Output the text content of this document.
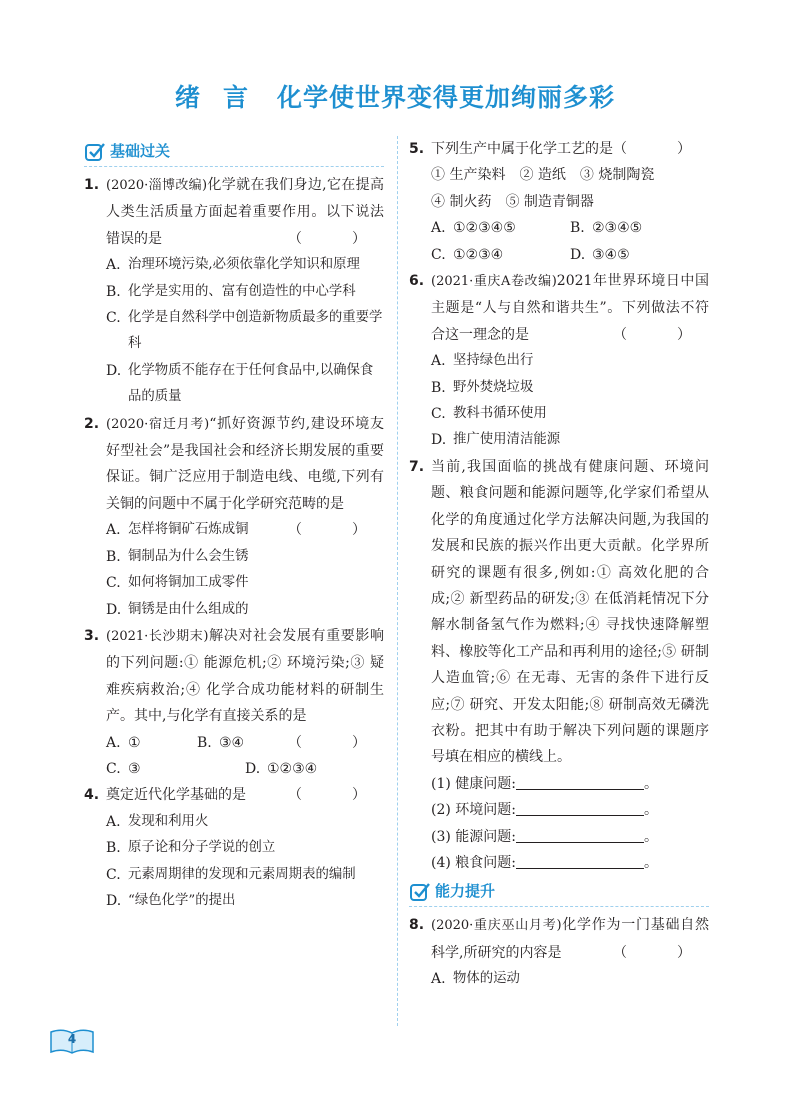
绪 言 化学使世界变得更加绚丽多彩
基础过关
1. (2020·淄博改编)化学就在我们身边,它在提高人类生活质量方面起着重要作用。以下说法错误的是	（　）
A. 治理环境污染,必须依靠化学知识和原理
B. 化学是实用的、富有创造性的中心学科
C. 化学是自然科学中创造新物质最多的重要学科
D. 化学物质不能存在于任何食品中,以确保食品的质量
2. (2020·宿迁月考)“抓好资源节约,建设环境友好型社会”是我国社会和经济长期发展的重要保证。铜广泛应用于制造电线、电缆,下列有关铜的问题中不属于化学研究范畴的是
（　）
A. 怎样将铜矿石炼成铜
B. 铜制品为什么会生锈
C. 如何将铜加工成零件
D. 铜锈是由什么组成的
3. (2021·长沙期末)解决对社会发展有重要影响的下列问题:① 能源危机;② 环境污染;③ 疑难疾病救治;④ 化学合成功能材料的研制生产。其中,与化学有直接关系的是
（　）
A. ①	B. ③④
C. ③	D. ①②③④
4. 奠定近代化学基础的是	（　）
A. 发现和利用火
B. 原子论和分子学说的创立
C. 元素周期律的发现和元素周期表的编制
D. “绿色化学”的提出
5. 下列生产中属于化学工艺的是 （　）
① 生产染料　② 造纸　③ 烧制陶瓷
④ 制火药　⑤ 制造青铜器
A. ①②③④⑤	B. ②③④⑤
C. ①②③④	D. ③④⑤
6. (2021·重庆A卷改编)2021年世界环境日中国主题是“人与自然和谐共生”。下列做法不符合这一理念的是	（　）
A. 坚持绿色出行
B. 野外焚烧垃圾
C. 教科书循环使用
D. 推广使用清洁能源
7. 当前,我国面临的挑战有健康问题、环境问题、粮食问题和能源问题等,化学家们希望从化学的角度通过化学方法解决问题,为我国的发展和民族的振兴作出更大贡献。化学界所研究的课题有很多,例如:① 高效化肥的合成;② 新型药品的研发;③ 在低消耗情况下分解水制备氢气作为燃料;④ 寻找快速降解塑料、橡胶等化工产品和再利用的途径;⑤ 研制人造血管;⑥ 在无毒、无害的条件下进行反应;⑦ 研究、开发太阳能;⑧ 研制高效无磷洗衣粉。把其中有助于解决下列问题的课题序号填在相应的横线上。
(1) 健康问题:	。
(2) 环境问题:	。
(3) 能源问题:	。
(4) 粮食问题:	。
能力提升
8. (2020·重庆巫山月考)化学作为一门基础自然科学,所研究的内容是	（　）
A. 物体的运动
4
